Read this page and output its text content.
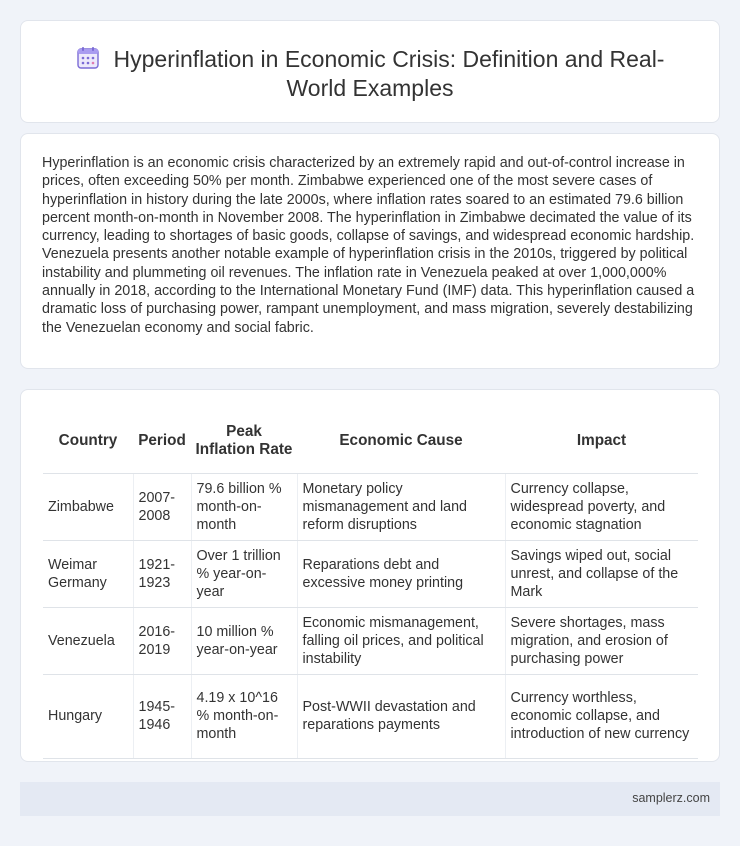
Hyperinflation in Economic Crisis: Definition and Real-World Examples

Hyperinflation is an economic crisis characterized by an extremely rapid and out-of-control increase in prices, often exceeding 50% per month. Zimbabwe experienced one of the most severe cases of hyperinflation in history during the late 2000s, where inflation rates soared to an estimated 79.6 billion percent month-on-month in November 2008. The hyperinflation in Zimbabwe decimated the value of its currency, leading to shortages of basic goods, collapse of savings, and widespread economic hardship. Venezuela presents another notable example of hyperinflation crisis in the 2010s, triggered by political instability and plummeting oil revenues. The inflation rate in Venezuela peaked at over 1,000,000% annually in 2018, according to the International Monetary Fund (IMF) data. This hyperinflation caused a dramatic loss of purchasing power, rampant unemployment, and mass migration, severely destabilizing the Venezuelan economy and social fabric.

Country	Period	Peak Inflation Rate	Economic Cause	Impact
Zimbabwe	2007-2008	79.6 billion % month-on-month	Monetary policy mismanagement and land reform disruptions	Currency collapse, widespread poverty, and economic stagnation
Weimar Germany	1921-1923	Over 1 trillion % year-on-year	Reparations debt and excessive money printing	Savings wiped out, social unrest, and collapse of the Mark
Venezuela	2016-2019	10 million % year-on-year	Economic mismanagement, falling oil prices, and political instability	Severe shortages, mass migration, and erosion of purchasing power
Hungary	1945-1946	4.19 x 10^16 % month-on-month	Post-WWII devastation and reparations payments	Currency worthless, economic collapse, and introduction of new currency
samplerz.com
